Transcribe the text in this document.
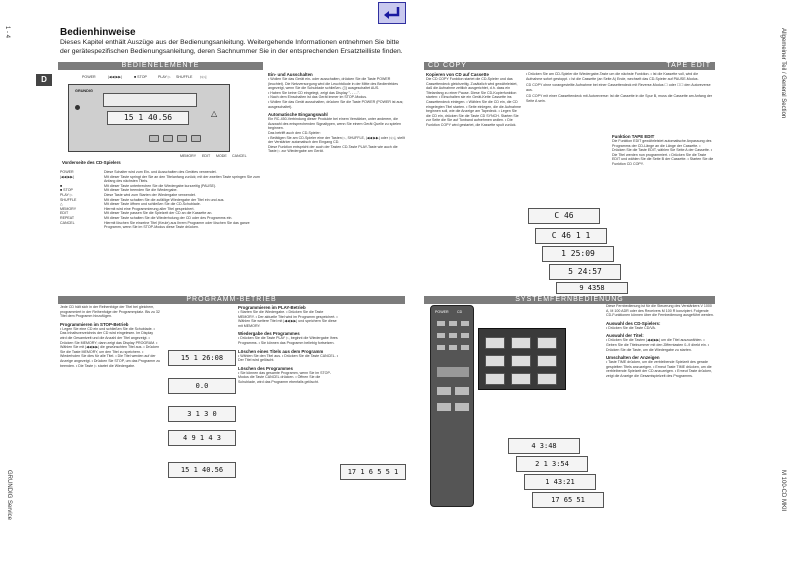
1 - 4
GRUNDIG Service
Allgemeiner Teil / General Section
M 100-CD MKII
Bedienhinweise
Dieses Kapitel enthält Auszüge aus der Bedienungsanleitung. Weitergehende Informationen entnehmen Sie bitte
der gerätespezifischen Bedienungsanleitung, deren Sachnummer Sie in der entsprechenden Ersatzteilliste finden.
D
BEDIENELEMENTE	CD COPY	TAPE EDIT
PROGRAMM-BETRIEB	SYSTEMFERNBEDIENUNG
POWER	|◀◀ ▶▶|	■ STOP	PLAY ▷ SHUFFLE ▷▷|
GRUNDIG
15 1 40.56	△
MEMORY EDIT MODE CANCEL
Vorderseite des CD-Spielers
POWER	Diese Schalter wird zum Ein- und Ausschalten des Gerätes verwendet.
|◀◀ ▶▶|	Mit dieser Taste springt der Sie an den Titelanfang zurück; mit der zweiten Taste springen Sie zum Anfang des nächsten Titels.
■	Mit dieser Taste unterbrechen Sie die Wiedergabe kurzzeitig (PAUSE).
■ STOP	Mit dieser Taste beenden Sie die Wiedergabe.
PLAY ▷	Diese Taste wird zum Starten der Wiedergabe verwendet.
SHUFFLE	Mit dieser Taste schalten Sie die zufällige Wiedergabe der Titel ein und aus.
△	Mit dieser Taste öffnen und schließen Sie die CD-Schublade.
MEMORY	Hiermit wird eine Programmierung aller Titel gespeichert.
EDIT	Mit dieser Taste passen Sie die Spielzeit der CD an die Kassette an.
REPEAT	Mit dieser Taste schalten Sie die Wiederholung der CD oder des Programms ein.
CANCEL	Hiermit löschen Sie einzelne Titel (Keule) aus Ihrem Programm oder löschen Sie das ganze Programm, wenn Sie im STOP-Modus diese Taste drücken.
Ein- und Ausschalten
• Wollen Sie das Gerät ein- oder ausschalten, drücken Sie die Taste POWER (leuchtet). Die Netzversorgung wird die Leuchtdiode in der Mitte des Bedienfeldes angezeigt, wenn Sie die Schublade schließen. (▯) ausgeschaltet AUS.
• Haben Sie keine CD eingelegt, zeigt das Display "- - - -".
• Nach dem Einschalten ist das Gerät immer im STOP-Modus.
• Wollen Sie das Gerät ausschalten, drücken Sie die Taste POWER (POWER ist aus; ausgeschaltet).
Automatische Eingangswahl
Ein RC-450-Verbindung dieser Produkte bei einem Verstärker, unter anderem, die Auswahl des entsprechenden Signaltypen, wenn Sie einem Gerät Quelle zu spielen beginnen.
Das betrifft auch den CD-Spieler:
• Betätigen Sie am CD-Spieler eine der Tasten ▷, SHUFFLE, |◀◀ ▶▶| oder ▷▷|, stellt der Verstärker automatisch den Eingang CD.
Diese Funktion entspricht der auch der Tasten CD-Taste PLAY-Taste wie auch die Taste ▷ zur Wiedergabe am Gerät.
Kopieren von CD auf Cassette
Die CD COPY Funktion startet die CD-Spieler und das Cassettendeck gleichzeitig. Zusätzlich wird gewährleistet, daß die Aufnahme zeitlich ausgerichtet, d.h. dass ein Titelanfang zu einer Pause. Diese Sie CD-Kopierfunktion starten: • Einschalten sie ein Gerät-Kette Cassette ins Cassettendeck einlegen. • Wählen Sie die CD ein, die CD eingelegten Titel starten. • Seite einlegen, die die Aufnahme beginnen soll, wie die Anzeige am Tapedeck. • Legen Sie die CD ein, drücken Sie die Taste CD SYNCH. Starten Sie zur Seite die Sie auf Tonband aufnehmen wollen. • Die Funktion COPY wird gestartet, die Kassette spult zurück.
• Drücken Sie am CD-Spieler die Wiedergabe-Taste um die nächste Funktion. • Ist die Kassette voll, wird die Aufnahme sofort gestoppt. • Ist die Cassette (an Seite A) Ende, wechselt das CD-Spieler auf PAUSE-Modus.
CD COPY ohne vorangestellte Aufnahme bei einer Cassettendeck mit Reverse-Modus ☐ oder ☐☐ den Autoreverse aus.
CD COPY mit einer Cassettendeck mit Autoreverse: Ist die Cassette in die Spur B, muss die Cassette am Anfang der Seite A sein.
Funktion TAPE EDIT
Die Funktion EDIT gewährleistet automatische Anpassung des Programms der CD-Länge an die Länge der Cassette. • Drücken Sie die Taste EDIT, wählen Sie Seite A der Cassette. • Die Titel werden nun programmiert. • Drücken Sie die Taste EDIT und wählen Sie die Seite B der Cassette. • Starten Sie die Funktion CD COPY.
C 46
C 46 1 1
1 25:09
5 24:57
9 4358
Jede CD hält sich in der Reihenfolge der Titel bei gleichem, programmiert in der Reihenfolge der Programmplatz. Bis zu 32 Titel dem Programm hinzufügen.
Programmieren im STOP-Betrieb
• Legen Sie eine CD ein und schließen Sie die Schublade. • Das Inhaltsverzeichnis der CD wird eingelesen. Im Display wird die Gesamtzeit und die Anzahl der Titel angezeigt. • Drücken Sie MEMORY; dann zeigt das Display PROGRAM. • Wählen Sie mit |◀◀ ▶▶| die gewünschten Titel aus. • Drücken Sie die Taste MEMORY, um den Titel zu speichern. • Wiederholen Sie dies für alle Titel. • Die Titel werden auf der Anzeige angezeigt. • Drücken Sie STOP, um das Programm zu beenden. • Die Taste ▷ startet die Wiedergabe.
15 1 26:08
0.0
3 1 3 0
4 9 1 4 3
15 1 40.56
Programmieren im PLAY-Betrieb
• Starten Sie die Wiedergabe. • Drücken Sie die Taste MEMORY. • Der aktuelle Titel wird im Programm gespeichert. • Wählen Sie weitere Titel mit |◀◀ ▶▶| und speichern Sie diese mit MEMORY.
Wiedergabe des Programmes
• Drücken Sie die Taste PLAY ▷, beginnt die Wiedergabe Ihres Programms. • Sie können das Programm beliebig fortsetzen.
Löschen eines Titels aus dem Programm
• Wählen Sie den Titel aus. • Drücken Sie die Taste CANCEL. • Der Titel wird gelöscht.
Löschen des Programmes
• Sie können das gesamte Programm, wenn Sie im STOP-Modus die Taste CANCEL drücken. • Öffnen Sie die Schublade, wird das Programm ebenfalls gelöscht.
17 1 6 5 5 1
POWER CD
Diese Fernbedienung ist für die Steuerung des Verstärkers V 1000 A, M 100 ADR oder des Receivers M 100 R konzipiert. Folgende CD-Funktionen können über die Fernbedienung ausgeführt werden.
Auswahl des CD-Spielers:
• Drücken Sie die Taste CD/VA.
Auswahl der Titel:
• Drücken Sie die Tasten |◀◀ ▶▶| um die Titel auszuwählen. • Geben Sie die Titelnummer mit den Zifferntasten 0–9 direkt ein. • Drücken Sie die Taste, um die Wiedergabe zu starten.
Umschalten der Anzeigen
• Taste TIME drücken, um die verbleibende Spielzeit des gerade gespielten Titels anzuzeigen. • Erneut Taste TIME drücken, um die verbleibende Spielzeit der CD anzuzeigen. • Erneut Taste drücken, zeigt die Anzeige die Gesamtspielzeit des Programms.
4 3:48
2 1 3:54
1 43:21
17 65 51
